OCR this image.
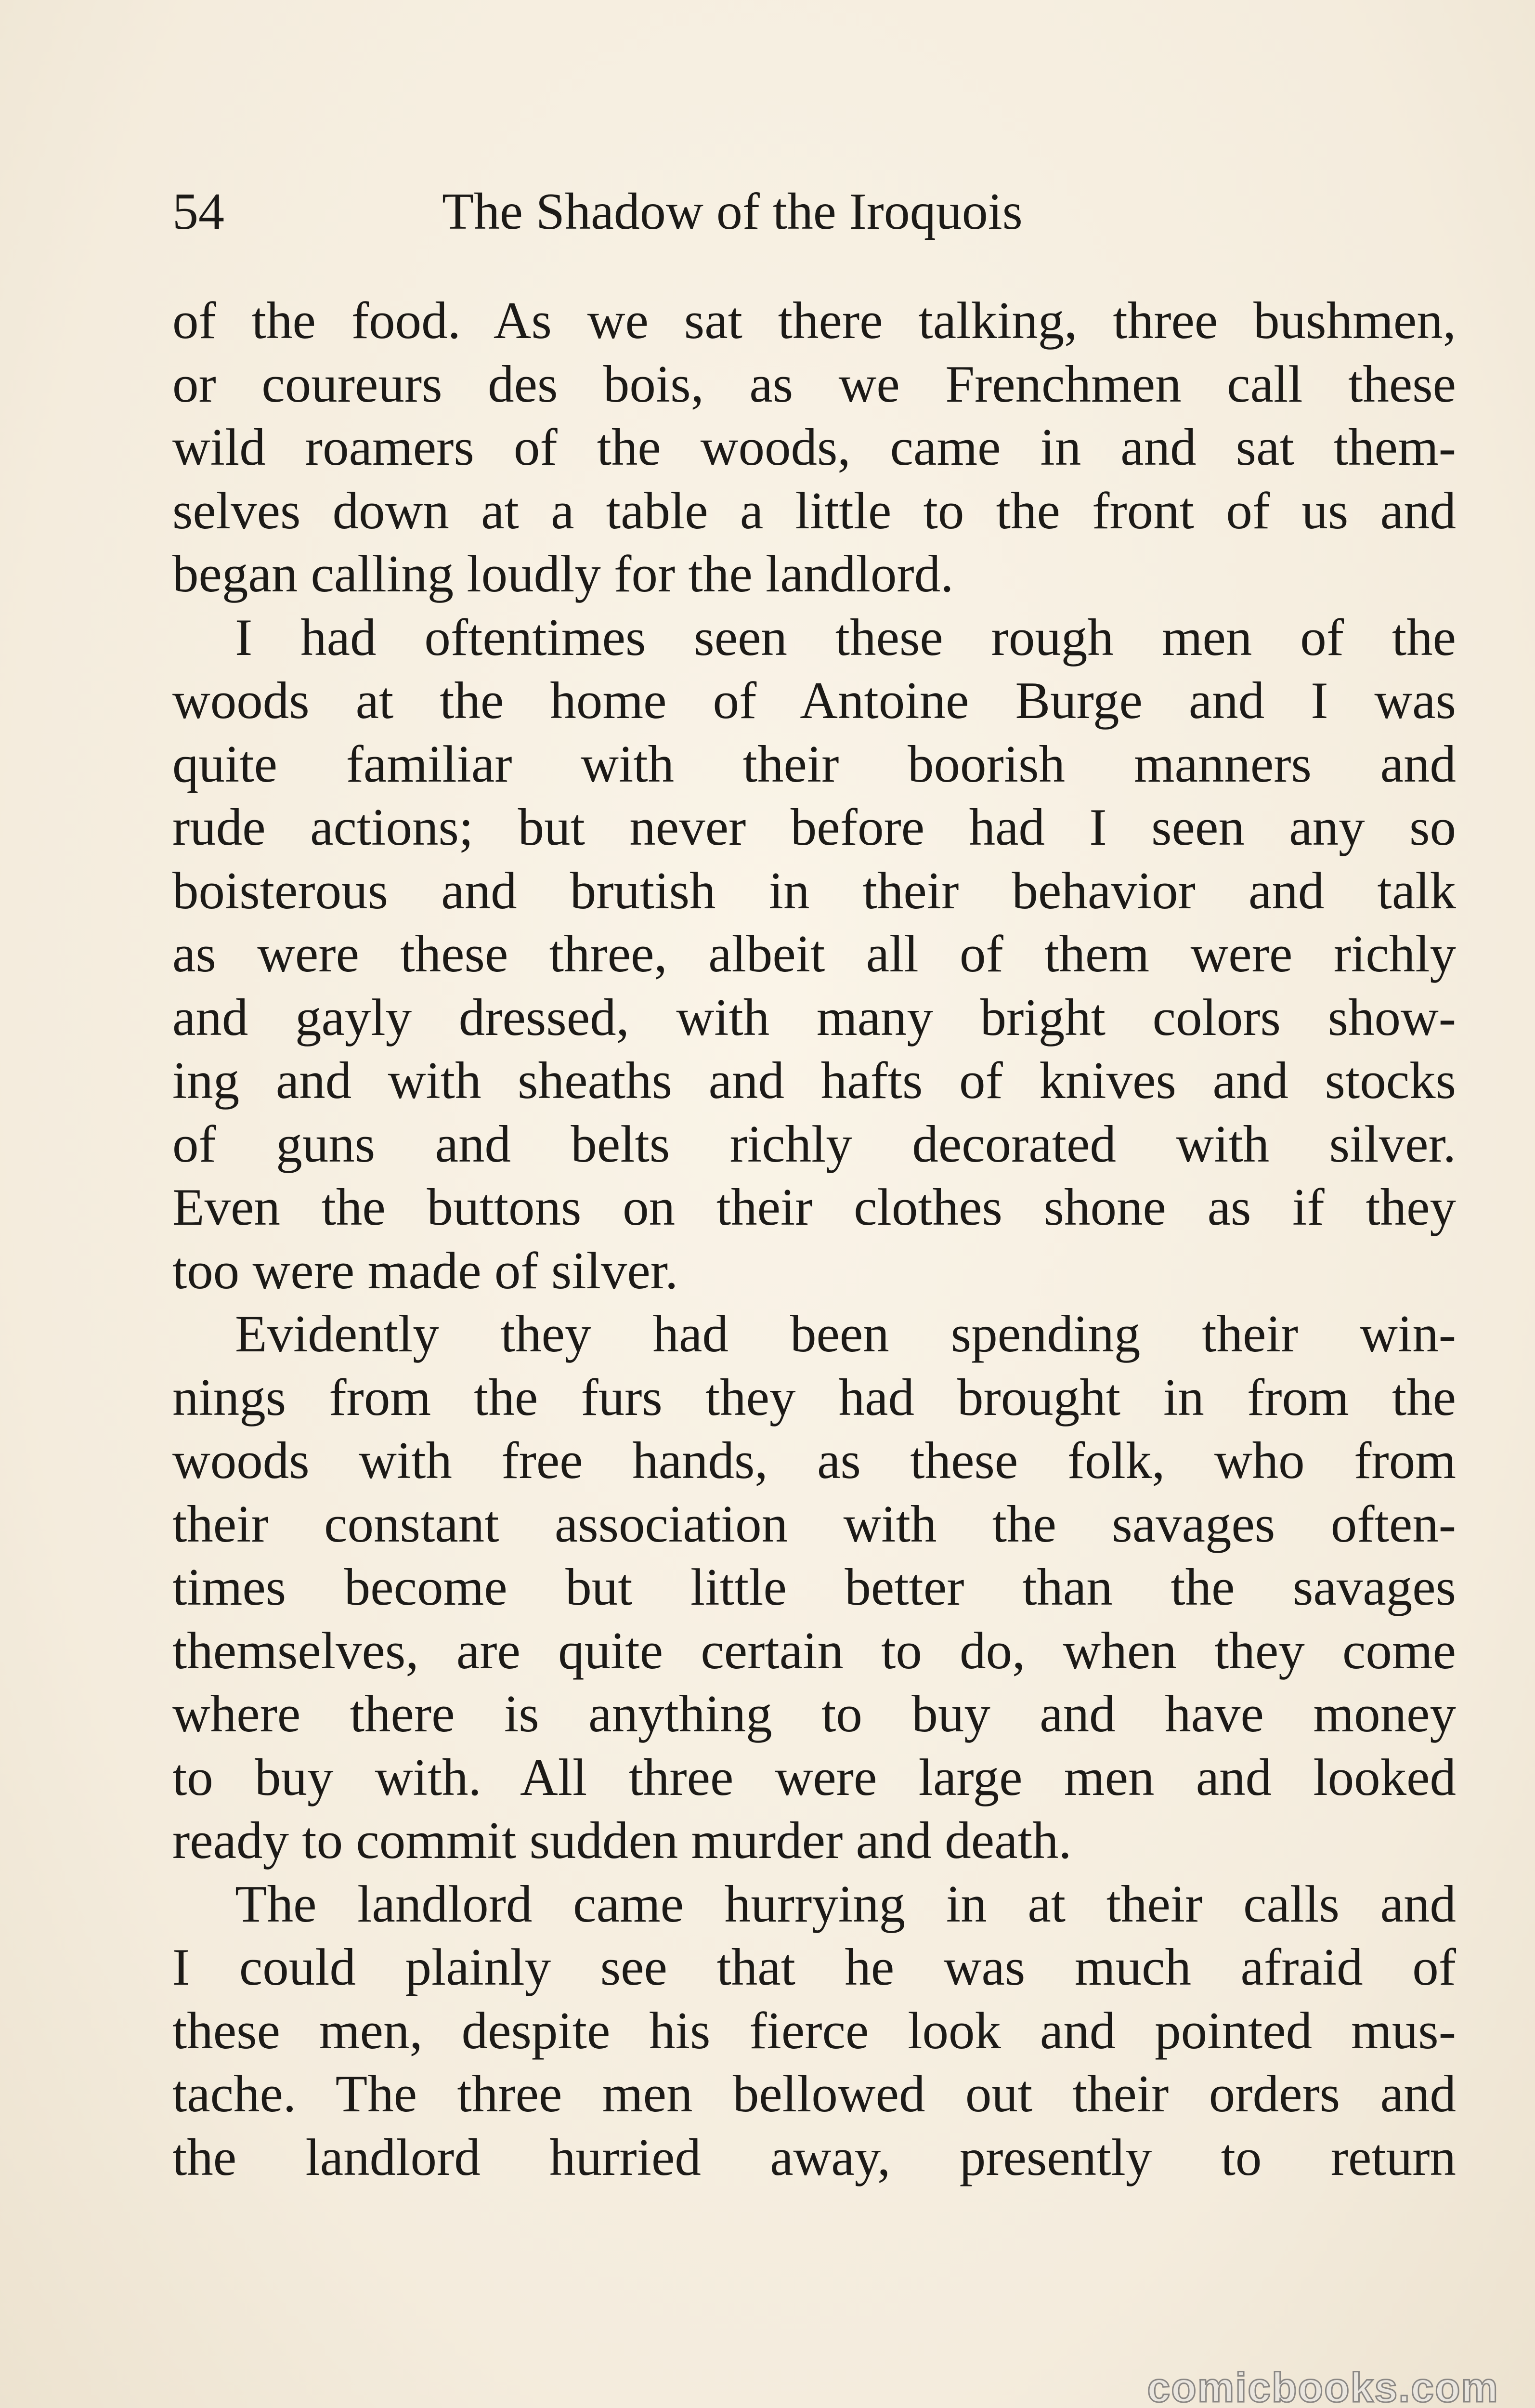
54	The Shadow of the Iroquois
of the food. As we sat there talking, three bushmen,
or coureurs des bois, as we Frenchmen call these
wild roamers of the woods, came in and sat them-
selves down at a table a little to the front of us and
began calling loudly for the landlord.
I had oftentimes seen these rough men of the
woods at the home of Antoine Burge and I was
quite familiar with their boorish manners and
rude actions; but never before had I seen any so
boisterous and brutish in their behavior and talk
as were these three, albeit all of them were richly
and gayly dressed, with many bright colors show-
ing and with sheaths and hafts of knives and stocks
of guns and belts richly decorated with silver.
Even the buttons on their clothes shone as if they
too were made of silver.
Evidently they had been spending their win-
nings from the furs they had brought in from the
woods with free hands, as these folk, who from
their constant association with the savages often-
times become but little better than the savages
themselves, are quite certain to do, when they come
where there is anything to buy and have money
to buy with. All three were large men and looked
ready to commit sudden murder and death.
The landlord came hurrying in at their calls and
I could plainly see that he was much afraid of
these men, despite his fierce look and pointed mus-
tache. The three men bellowed out their orders and
the landlord hurried away, presently to return
comicbooks.com
